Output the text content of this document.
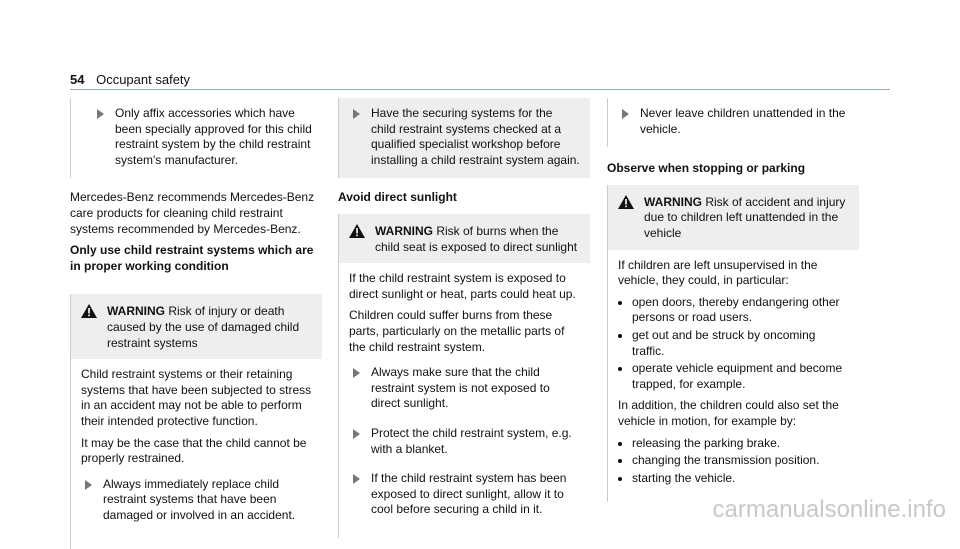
54 Occupant safety

Only affix accessories which have been specially approved for this child restraint system by the child restraint system's manufacturer.

Mercedes-Benz recommends Mercedes-Benz care products for cleaning child restraint systems recommended by Mercedes-Benz.

Only use child restraint systems which are in proper working condition

WARNING Risk of injury or death caused by the use of damaged child restraint systems

Child restraint systems or their retaining systems that have been subjected to stress in an accident may not be able to perform their intended protective function.

It may be the case that the child cannot be properly restrained.

Always immediately replace child restraint systems that have been damaged or involved in an accident.

Have the securing systems for the child restraint systems checked at a qualified specialist workshop before installing a child restraint system again.

Avoid direct sunlight

WARNING Risk of burns when the child seat is exposed to direct sunlight

If the child restraint system is exposed to direct sunlight or heat, parts could heat up.

Children could suffer burns from these parts, particularly on the metallic parts of the child restraint system.

Always make sure that the child restraint system is not exposed to direct sunlight.

Protect the child restraint system, e.g. with a blanket.

If the child restraint system has been exposed to direct sunlight, allow it to cool before securing a child in it.

Never leave children unattended in the vehicle.

Observe when stopping or parking

WARNING Risk of accident and injury due to children left unattended in the vehicle

If children are left unsupervised in the vehicle, they could, in particular:

• open doors, thereby endangering other persons or road users.
• get out and be struck by oncoming traffic.
• operate vehicle equipment and become trapped, for example.

In addition, the children could also set the vehicle in motion, for example by:

• releasing the parking brake.
• changing the transmission position.
• starting the vehicle.
carmanualsonline.info
